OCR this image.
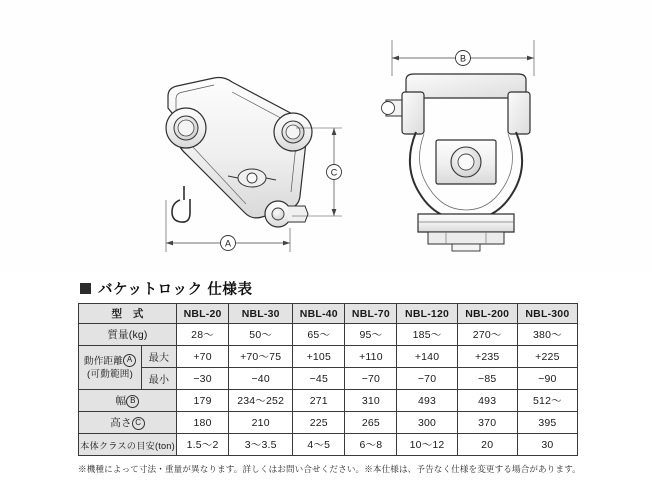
A
C
B
バケットロック 仕様表
型　式		NBL-20	NBL-30	NBL-40	NBL-70	NBL-120	NBL-200	NBL-300
質量(kg)		28～	50～	65～	95～	185～	270～	380～
動作距離 A
(可動範囲)	最大	+70	+70～75	+105	+110	+140	+235	+225
	最小	−30	−40	−45	−70	−70	−85	−90
幅 B		179	234～252	271	310	493	493	512～
高さ C		180	210	225	265	300	370	395
本体クラスの目安(ton)		1.5～2	3～3.5	4～5	6～8	10～12	20	30
※機種によって寸法・重量が異なります。詳しくはお問い合せください。※本仕様は、予告なく仕様を変更する場合があります。
